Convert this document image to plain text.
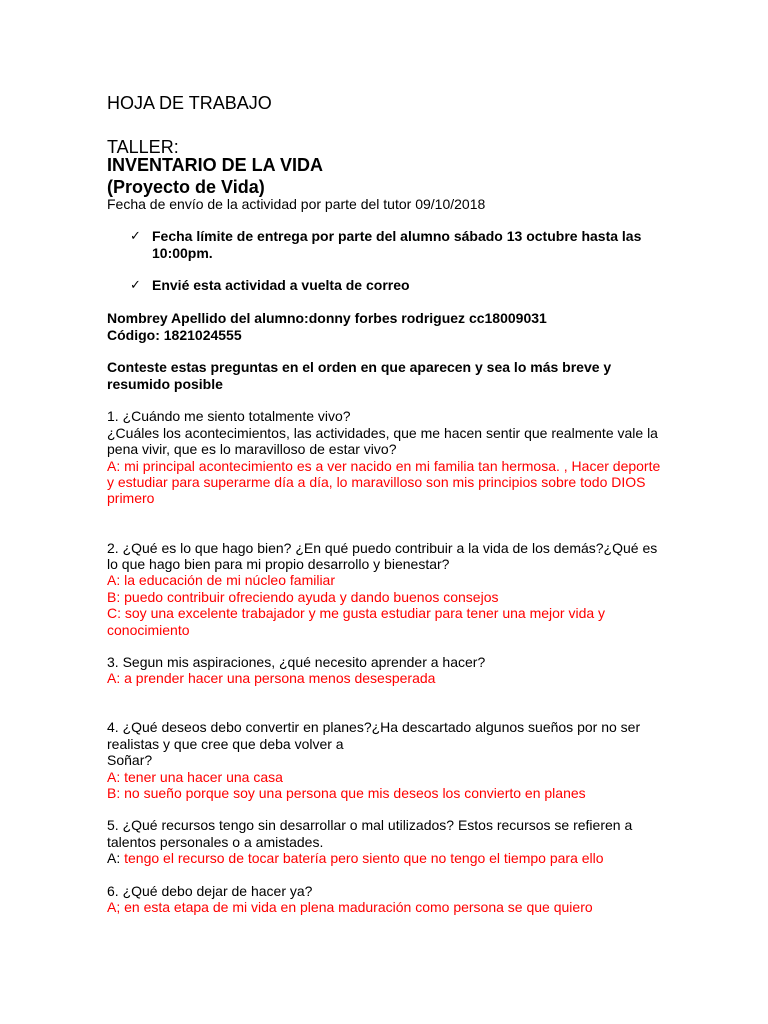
HOJA DE TRABAJO
TALLER:
INVENTARIO DE LA VIDA
(Proyecto de Vida)
Fecha de envío de la actividad por parte del tutor 09/10/2018
✓ Fecha límite de entrega por parte del alumno sábado 13 octubre hasta las
10:00pm.
✓ Envié esta actividad a vuelta de correo
Nombrey Apellido del alumno:donny forbes rodriguez cc18009031
Código: 1821024555
Conteste estas preguntas en el orden en que aparecen y sea lo más breve y
resumido posible
1. ¿Cuándo me siento totalmente vivo?
¿Cuáles los acontecimientos, las actividades, que me hacen sentir que realmente vale la
pena vivir, que es lo maravilloso de estar vivo?
A: mi principal acontecimiento es a ver nacido en mi familia tan hermosa. , Hacer deporte
y estudiar para superarme día a día, lo maravilloso son mis principios sobre todo DIOS
primero
2. ¿Qué es lo que hago bien? ¿En qué puedo contribuir a la vida de los demás?¿Qué es
lo que hago bien para mi propio desarrollo y bienestar?
A: la educación de mi núcleo familiar
B: puedo contribuir ofreciendo ayuda y dando buenos consejos
C: soy una excelente trabajador y me gusta estudiar para tener una mejor vida y
conocimiento
3. Segun mis aspiraciones, ¿qué necesito aprender a hacer?
A: a prender hacer una persona menos desesperada
4. ¿Qué deseos debo convertir en planes?¿Ha descartado algunos sueños por no ser
realistas y que cree que deba volver a
Soñar?
A: tener una hacer una casa
B: no sueño porque soy una persona que mis deseos los convierto en planes
5. ¿Qué recursos tengo sin desarrollar o mal utilizados? Estos recursos se refieren a
talentos personales o a amistades.
A: tengo el recurso de tocar batería pero siento que no tengo el tiempo para ello
6. ¿Qué debo dejar de hacer ya?
A; en esta etapa de mi vida en plena maduración como persona se que quiero
